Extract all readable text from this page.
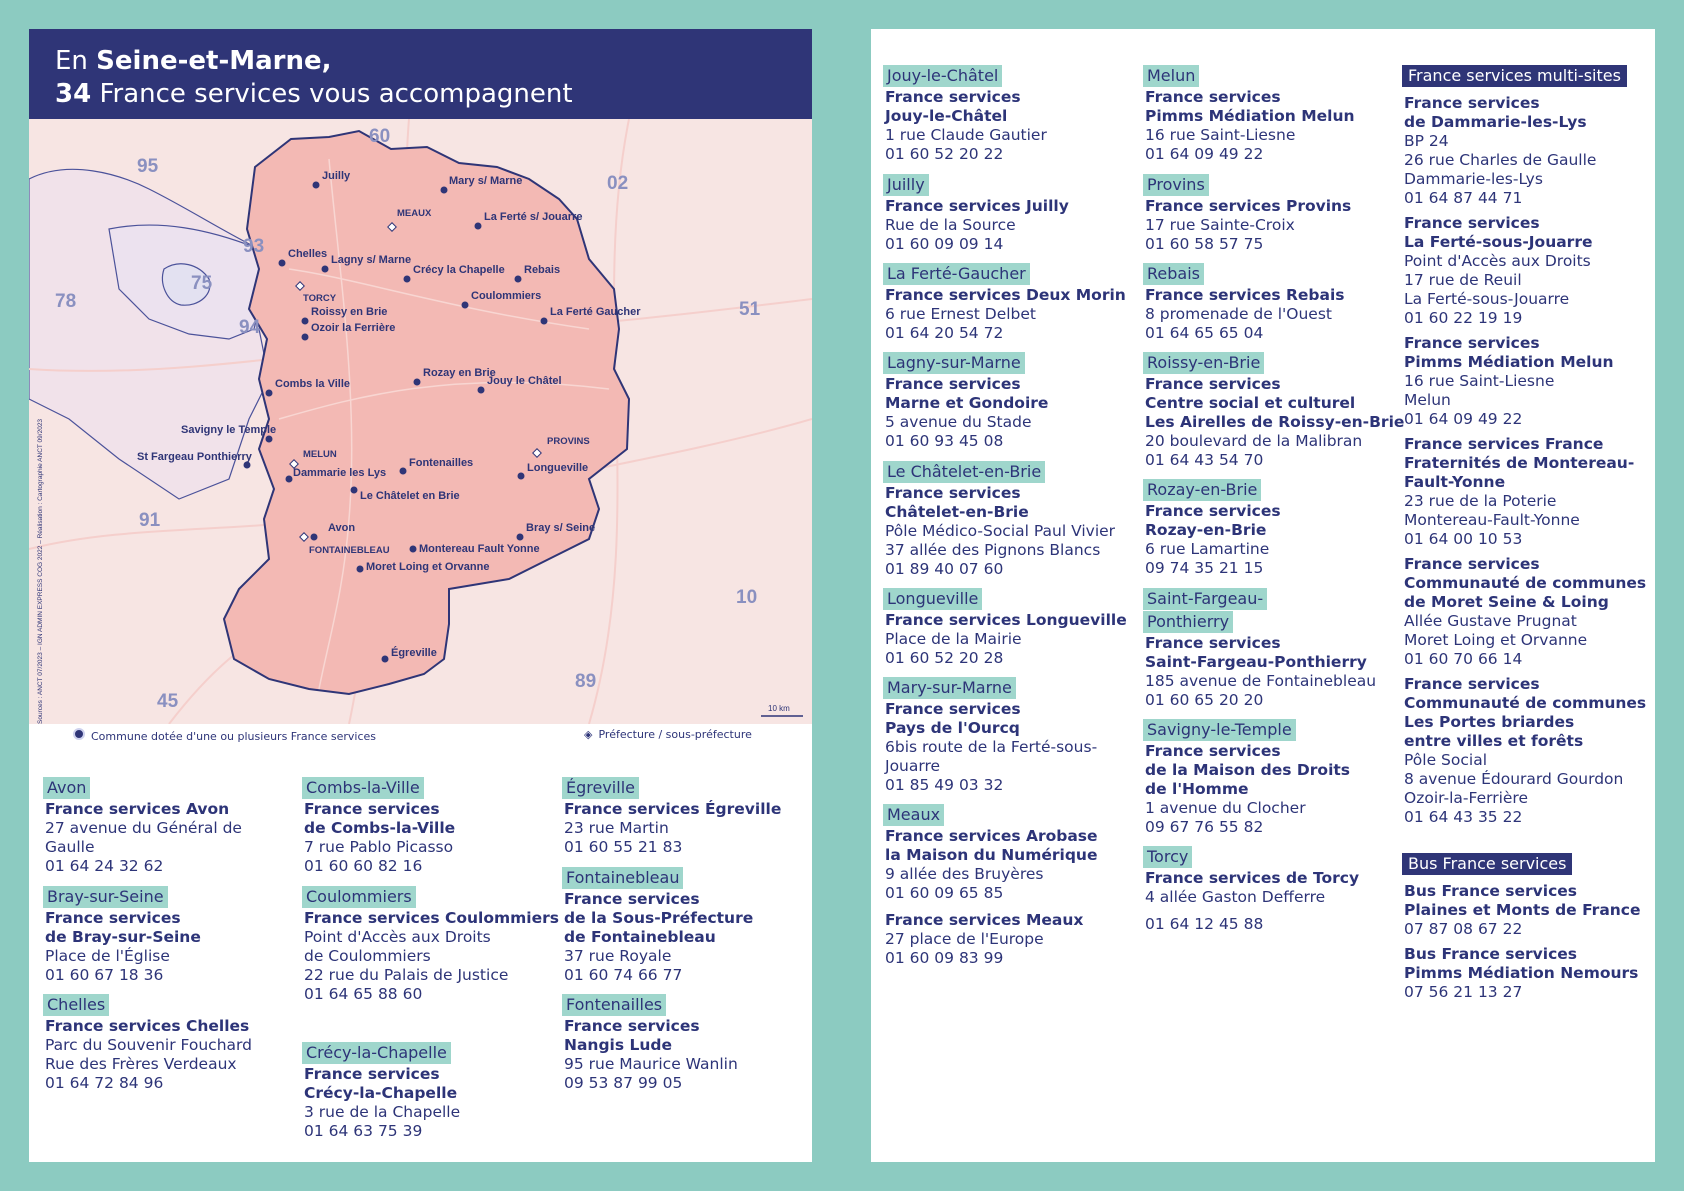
En Seine-et-Marne,
34 France services vous accompagnent
95
60
02
93
75
94
78	51
91
10
89
45
Juilly	Mary s/ Marne
MEAUX	La Ferté s/ Jouarre
Chelles Lagny s/ Marne
Crécy la Chapelle Rebais
TORCY	Coulommiers
Roissy en Brie	La Ferté Gaucher
Ozoir la Ferrière
Rozay en Brie
Jouy le Châtel
Combs la Ville
Savigny le Temple
PROVINS
St Fargeau Ponthierry	MELUN
Fontenailles	Longueville
Dammarie les Lys
Le Châtelet en Brie
Avon	Bray s/ Seine
FONTAINEBLEAU	Montereau Fault Yonne
Moret Loing et Orvanne
Égreville
10 km
Sources : ANCT 07/2023 – IGN ADMIN EXPRESS COG 2022 – Réalisation : Cartographie ANCT 09/2023
Commune dotée d'une ou plusieurs France services	◈ Préfecture / sous-préfecture
Avon
France services Avon
27 avenue du Général de
Gaulle
01 64 24 32 62
Bray-sur-Seine
France services
de Bray-sur-Seine
Place de l'Église
01 60 67 18 36
Chelles
France services Chelles
Parc du Souvenir Fouchard
Rue des Frères Verdeaux
01 64 72 84 96
Combs-la-Ville
France services
de Combs-la-Ville
7 rue Pablo Picasso
01 60 60 82 16
Coulommiers
France services Coulommiers
Point d'Accès aux Droits
de Coulommiers
22 rue du Palais de Justice
01 64 65 88 60
Crécy-la-Chapelle
France services
Crécy-la-Chapelle
3 rue de la Chapelle
01 64 63 75 39
Égreville
France services Égreville
23 rue Martin
01 60 55 21 83
Fontainebleau
France services
de la Sous-Préfecture
de Fontainebleau
37 rue Royale
01 60 74 66 77
Fontenailles
France services
Nangis Lude
95 rue Maurice Wanlin
09 53 87 99 05
Jouy-le-Châtel
France services
Jouy-le-Châtel
1 rue Claude Gautier
01 60 52 20 22
Juilly
France services Juilly
Rue de la Source
01 60 09 09 14
La Ferté-Gaucher
France services Deux Morin
6 rue Ernest Delbet
01 64 20 54 72
Lagny-sur-Marne
France services
Marne et Gondoire
5 avenue du Stade
01 60 93 45 08
Le Châtelet-en-Brie
France services
Châtelet-en-Brie
Pôle Médico-Social Paul Vivier
37 allée des Pignons Blancs
01 89 40 07 60
Longueville
France services Longueville
Place de la Mairie
01 60 52 20 28
Mary-sur-Marne
France services
Pays de l'Ourcq
6bis route de la Ferté-sous-
Jouarre
01 85 49 03 32
Meaux
France services Arobase
la Maison du Numérique
9 allée des Bruyères
01 60 09 65 85
France services Meaux
27 place de l'Europe
01 60 09 83 99
Melun
France services
Pimms Médiation Melun
16 rue Saint-Liesne
01 64 09 49 22
Provins
France services Provins
17 rue Sainte-Croix
01 60 58 57 75
Rebais
France services Rebais
8 promenade de l'Ouest
01 64 65 65 04
Roissy-en-Brie
France services
Centre social et culturel
Les Airelles de Roissy-en-Brie
20 boulevard de la Malibran
01 64 43 54 70
Rozay-en-Brie
France services
Rozay-en-Brie
6 rue Lamartine
09 74 35 21 15
Saint-Fargeau-
Ponthierry
France services
Saint-Fargeau-Ponthierry
185 avenue de Fontainebleau
01 60 65 20 20
Savigny-le-Temple
France services
de la Maison des Droits
de l'Homme
1 avenue du Clocher
09 67 76 55 82
Torcy
France services de Torcy
4 allée Gaston Defferre
01 64 12 45 88
France services multi-sites
France services
de Dammarie-les-Lys
BP 24
26 rue Charles de Gaulle
Dammarie-les-Lys
01 64 87 44 71
France services
La Ferté-sous-Jouarre
Point d'Accès aux Droits
17 rue de Reuil
La Ferté-sous-Jouarre
01 60 22 19 19
France services
Pimms Médiation Melun
16 rue Saint-Liesne
Melun
01 64 09 49 22
France services France
Fraternités de Montereau-
Fault-Yonne
23 rue de la Poterie
Montereau-Fault-Yonne
01 64 00 10 53
France services
Communauté de communes
de Moret Seine & Loing
Allée Gustave Prugnat
Moret Loing et Orvanne
01 60 70 66 14
France services
Communauté de communes
Les Portes briardes
entre villes et forêts
Pôle Social
8 avenue Édourard Gourdon
Ozoir-la-Ferrière
01 64 43 35 22
Bus France services
Bus France services
Plaines et Monts de France
07 87 08 67 22
Bus France services
Pimms Médiation Nemours
07 56 21 13 27
